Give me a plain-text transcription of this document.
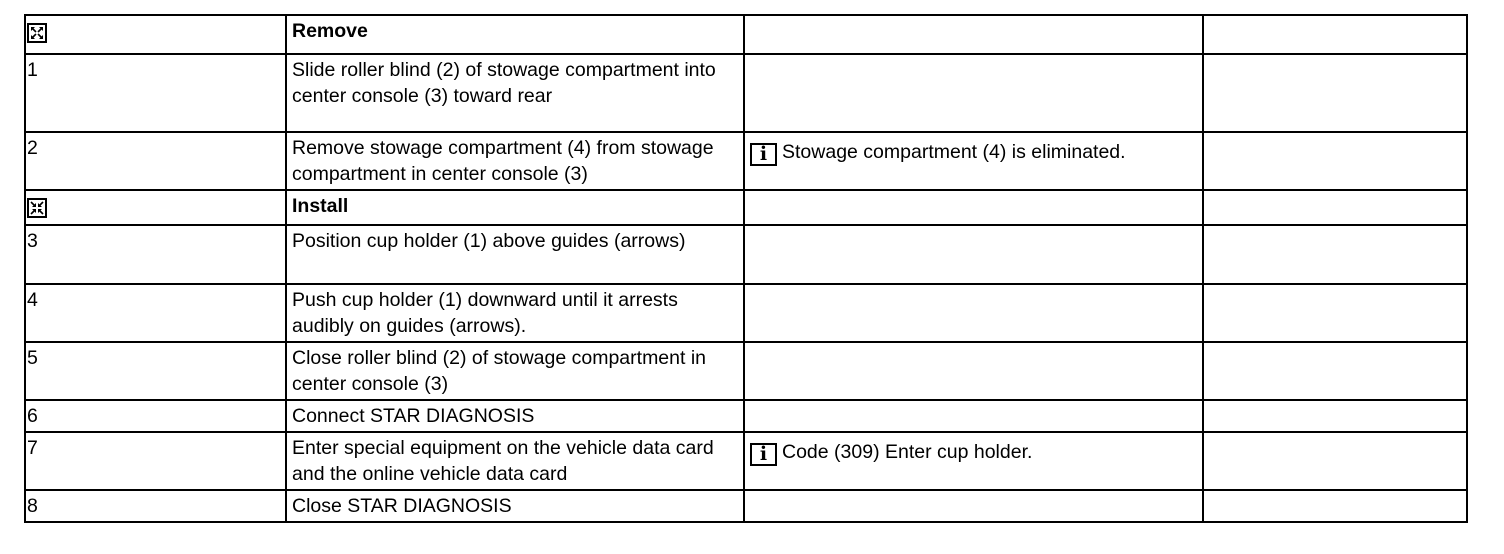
	Remove		
1	Slide roller blind (2) of stowage compartment into center console (3) toward rear		
2	Remove stowage compartment (4) from stowage compartment in center console (3)	i Stowage compartment (4) is eliminated.	

	Install		
3	Position cup holder (1) above guides (arrows)		
4	Push cup holder (1) downward until it arrests audibly on guides (arrows).		
5	Close roller blind (2) of stowage compartment in center console (3)		
6	Connect STAR DIAGNOSIS		
7	Enter special equipment on the vehicle data card and the online vehicle data card	i Code (309) Enter cup holder.	
8	Close STAR DIAGNOSIS		
